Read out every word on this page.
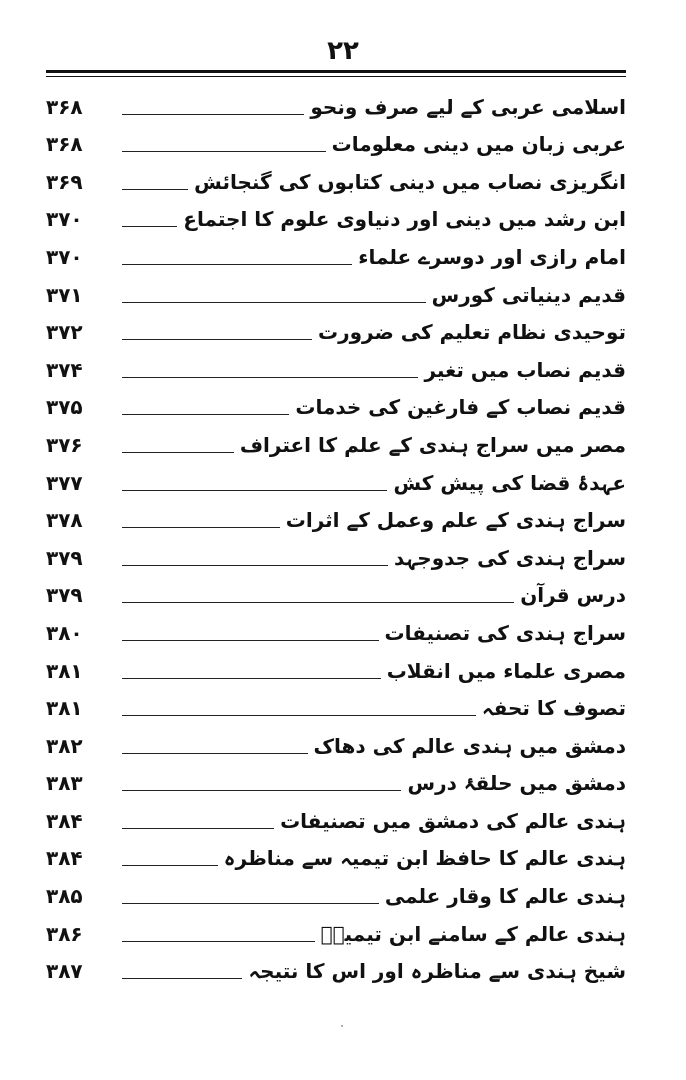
۲۲
اسلامی عربی کے لیے صرف ونحو
۳۶۸
عربی زبان میں دینی معلومات
۳۶۸
انگریزی نصاب میں دینی کتابوں کی گنجائش
۳۶۹
ابن رشد میں دینی اور دنیاوی علوم کا اجتماع
۳۷۰
امام رازی اور دوسرے علماء
۳۷۰
قدیم دینیاتی کورس
۳۷۱
توحیدی نظام تعلیم کی ضرورت
۳۷۲
قدیم نصاب میں تغیر
۳۷۴
قدیم نصاب کے فارغین کی خدمات
۳۷۵
مصر میں سراج ہندی کے علم کا اعتراف
۳۷۶
عہدۂ قضا کی پیش کش
۳۷۷
سراج ہندی کے علم وعمل کے اثرات
۳۷۸
سراج ہندی کی جدوجہد
۳۷۹
درس قرآن
۳۷۹
سراج ہندی کی تصنیفات
۳۸۰
مصری علماء میں انقلاب
۳۸۱
تصوف کا تحفہ
۳۸۱
دمشق میں ہندی عالم کی دھاک
۳۸۲
دمشق میں حلقۂ درس
۳۸۳
ہندی عالم کی دمشق میں تصنیفات
۳۸۴
ہندی عالم کا حافظ ابن تیمیہ سے مناظرہ
۳۸۴
ہندی عالم کا وقار علمی
۳۸۵
ہندی عالم کے سامنے ابن تیمیہؒ
۳۸۶
شیخ ہندی سے مناظرہ اور اس کا نتیجہ
۳۸۷
